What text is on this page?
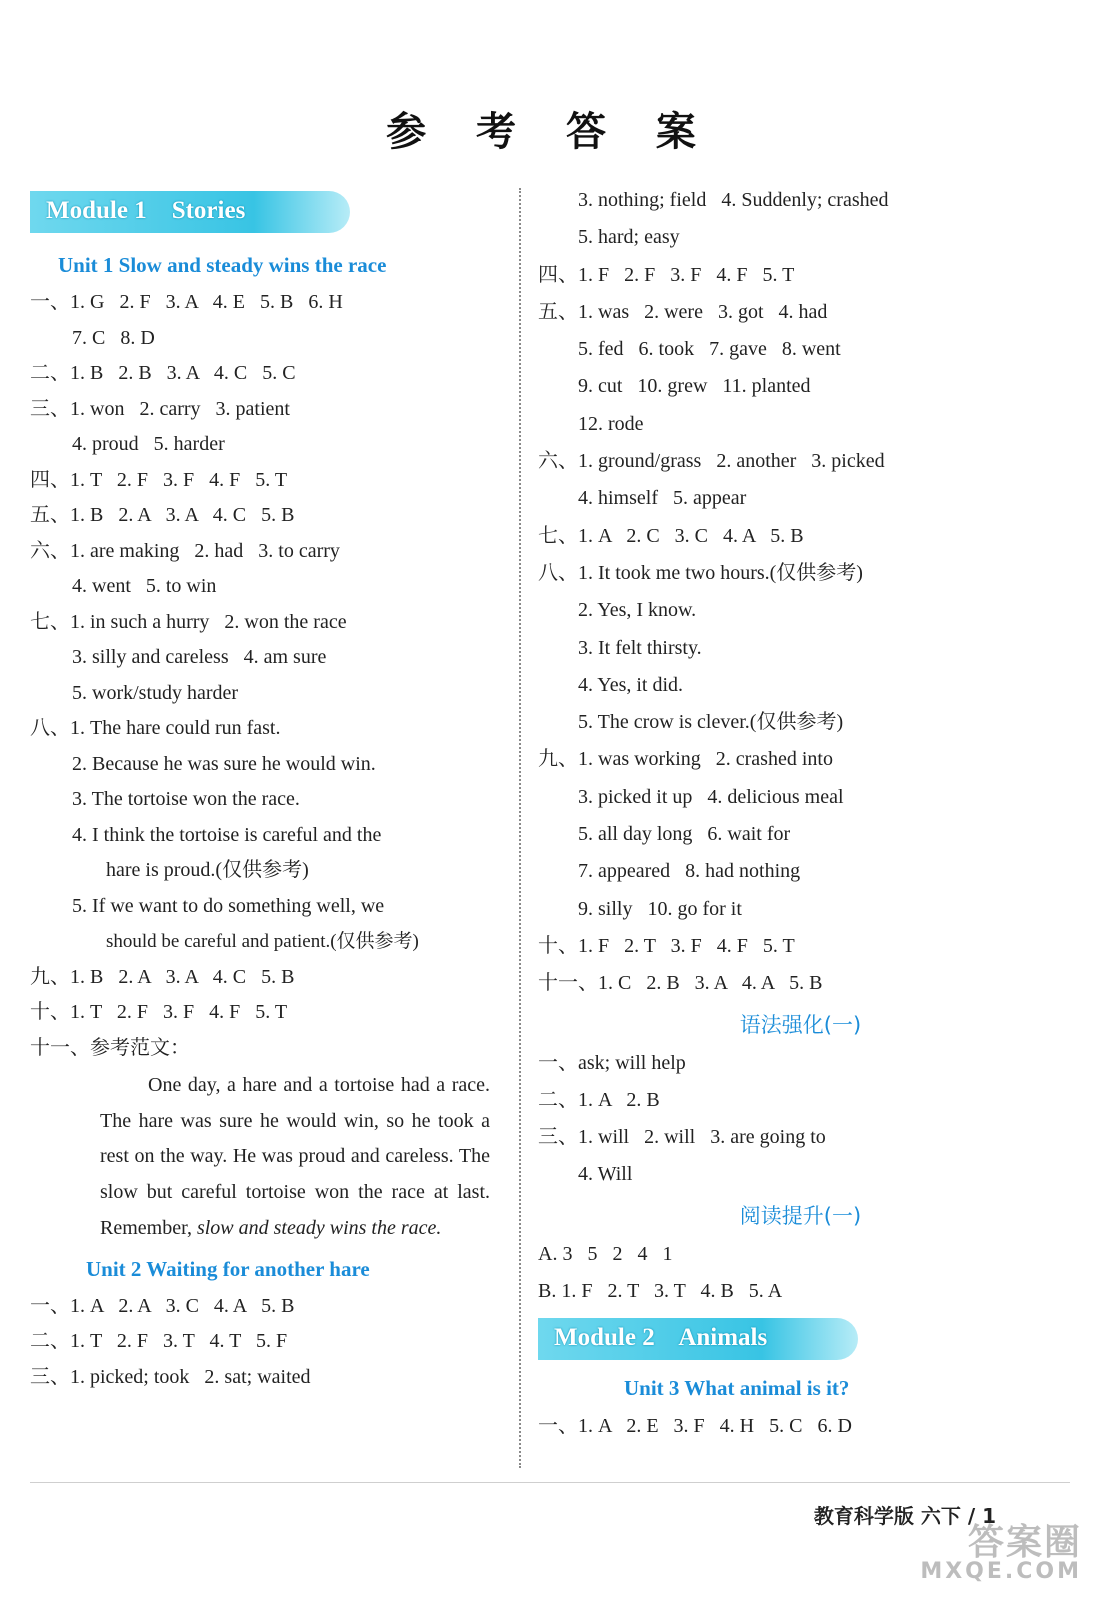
参 考 答 案
Module 1    Stories
Unit 1 Slow and steady wins the race
一、1. G   2. F   3. A   4. E   5. B   6. H
7. C   8. D
二、1. B   2. B   3. A   4. C   5. C
三、1. won   2. carry   3. patient
4. proud   5. harder
四、1. T   2. F   3. F   4. F   5. T
五、1. B   2. A   3. A   4. C   5. B
六、1. are making   2. had   3. to carry
4. went   5. to win
七、1. in such a hurry   2. won the race
3. silly and careless   4. am sure
5. work/study harder
八、1. The hare could run fast.
2. Because he was sure he would win.
3. The tortoise won the race.
4. I think the tortoise is careful and the
hare is proud.(仅供参考)
5. If we want to do something well, we
should be careful and patient.(仅供参考)
九、1. B   2. A   3. A   4. C   5. B
十、1. T   2. F   3. F   4. F   5. T
十一、参考范文：
One day, a hare and a tortoise had a race. The hare was sure he would win, so he took a rest on the way. He was proud and careless. The slow but careful tortoise won the race at last. Remember, slow and steady wins the race.
Unit 2 Waiting for another hare
一、1. A   2. A   3. C   4. A   5. B
二、1. T   2. F   3. T   4. T   5. F
三、1. picked; took   2. sat; waited
3. nothing; field   4. Suddenly; crashed
5. hard; easy
四、1. F   2. F   3. F   4. F   5. T
五、1. was   2. were   3. got   4. had
5. fed   6. took   7. gave   8. went
9. cut   10. grew   11. planted
12. rode
六、1. ground/grass   2. another   3. picked
4. himself   5. appear
七、1. A   2. C   3. C   4. A   5. B
八、1. It took me two hours.(仅供参考)
2. Yes, I know.
3. It felt thirsty.
4. Yes, it did.
5. The crow is clever.(仅供参考)
九、1. was working   2. crashed into
3. picked it up   4. delicious meal
5. all day long   6. wait for
7. appeared   8. had nothing
9. silly   10. go for it
十、1. F   2. T   3. F   4. F   5. T
十一、1. C   2. B   3. A   4. A   5. B
语法强化(一)
一、ask; will help
二、1. A   2. B
三、1. will   2. will   3. are going to
4. Will
阅读提升(一)
A. 3   5   2   4   1
B. 1. F   2. T   3. T   4. B   5. A
Module 2    Animals
Unit 3 What animal is it?
一、1. A   2. E   3. F   4. H   5. C   6. D
教育科学版 六下 / 1
答案圈
MXQE.COM
